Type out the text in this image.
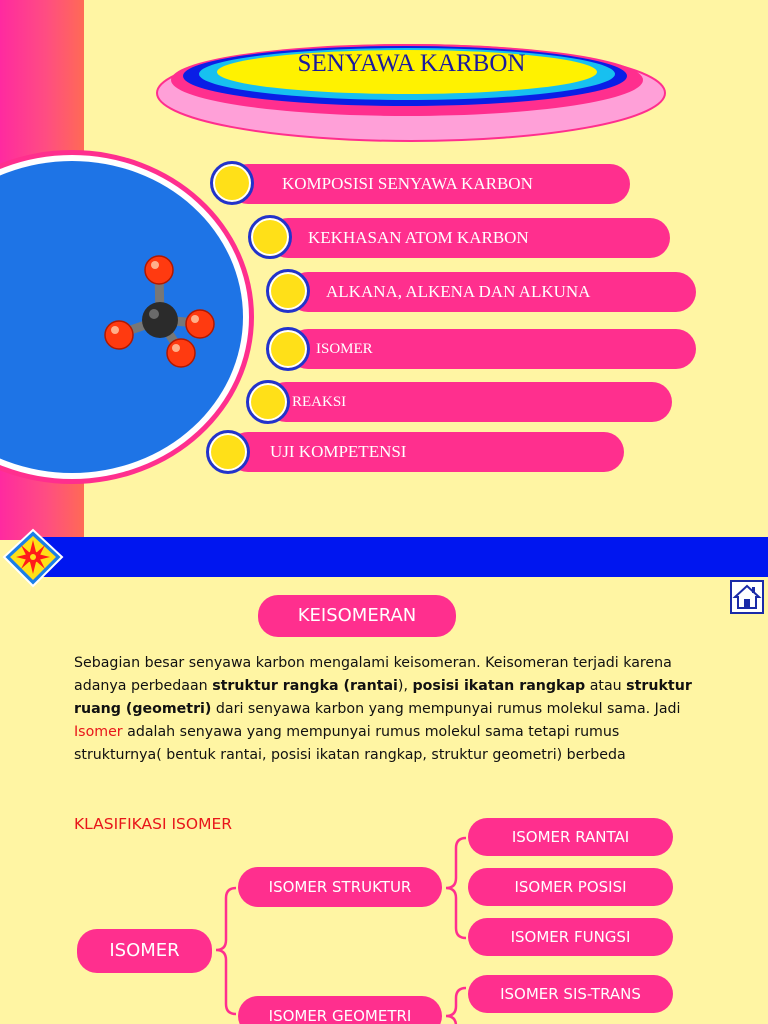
SENYAWA KARBON
KOMPOSISI SENYAWA KARBON
KEKHASAN ATOM KARBON
ALKANA, ALKENA DAN ALKUNA
ISOMER
REAKSI
UJI KOMPETENSI
KEISOMERAN
Sebagian besar senyawa karbon mengalami keisomeran. Keisomeran terjadi karena adanya perbedaan struktur rangka (rantai), posisi ikatan rangkap atau struktur ruang (geometri) dari senyawa karbon yang mempunyai rumus molekul sama. Jadi Isomer adalah senyawa yang mempunyai rumus molekul sama tetapi rumus strukturnya( bentuk rantai, posisi ikatan rangkap, struktur geometri) berbeda
KLASIFIKASI ISOMER
ISOMER
ISOMER STRUKTUR
ISOMER GEOMETRI
ISOMER RANTAI
ISOMER POSISI
ISOMER FUNGSI
ISOMER SIS-TRANS
